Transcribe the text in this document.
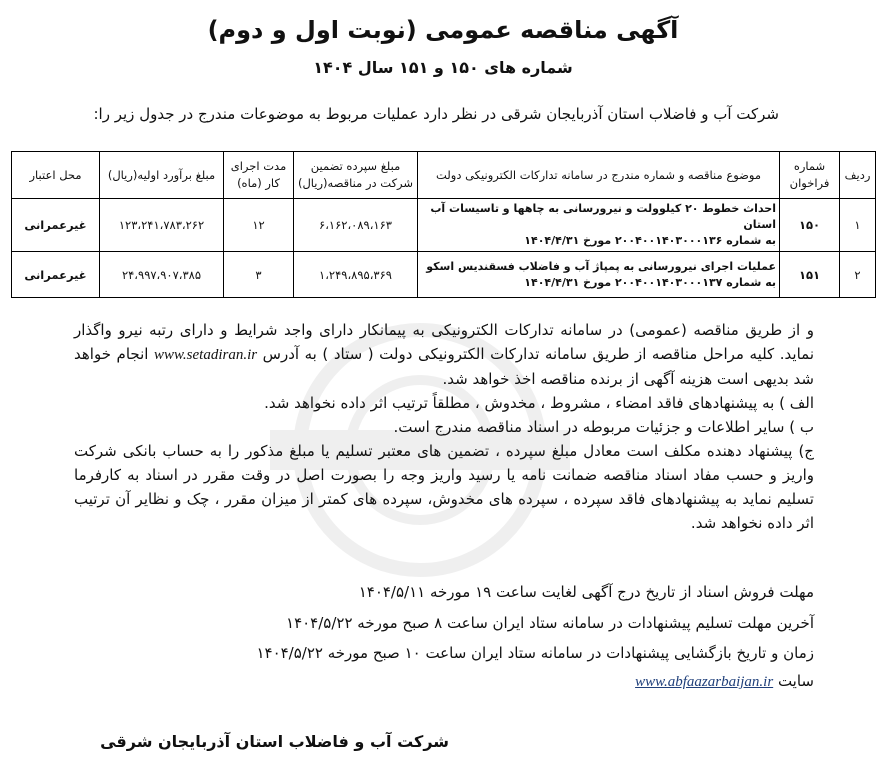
آگهی مناقصه عمومی (نوبت اول و دوم)
شماره های ۱۵۰ و ۱۵۱ سال ۱۴۰۴
شرکت آب و فاضلاب استان آذربایجان شرقی در نظر دارد عملیات مربوط به موضوعات مندرج در جدول زیر را:
ردیف	شماره فراخوان	موضوع مناقصه و شماره مندرج در سامانه تدارکات الکترونیکی دولت	مبلغ سپرده تضمین شرکت در مناقصه(ریال)	مدت اجرای کار (ماه)	مبلغ برآورد اولیه(ریال)	محل اعتبار
۱	۱۵۰	احداث خطوط ۲۰ کیلوولت و نیرورسانی به چاهها و تاسیسات آب استان
به شماره ۲۰۰۴۰۰۱۴۰۳۰۰۰۱۳۶ مورخ ۱۴۰۴/۴/۳۱	۶،۱۶۲،۰۸۹،۱۶۳	۱۲	۱۲۳،۲۴۱،۷۸۳،۲۶۲	غیرعمرانی
۲	۱۵۱	عملیات اجرای نیرورسانی به پمپاژ آب و فاضلاب فسقندیس اسکو
به شماره ۲۰۰۴۰۰۱۴۰۳۰۰۰۱۳۷ مورخ ۱۴۰۴/۴/۳۱	۱،۲۴۹،۸۹۵،۳۶۹	۳	۲۴،۹۹۷،۹۰۷،۳۸۵	غیرعمرانی

و از طریق مناقصه (عمومی) در سامانه تدارکات الکترونیکی به پیمانکار دارای واجد شرایط و دارای رتبه نیرو واگذار نماید. کلیه مراحل مناقصه از طریق سامانه تدارکات الکترونیکی دولت ( ستاد ) به آدرس www.setadiran.ir انجام خواهد شد بدیهی است هزینه آگهی از برنده مناقصه اخذ خواهد شد.

الف ) به پیشنهادهای فاقد امضاء ، مشروط ، مخدوش ، مطلقاً ترتیب اثر داده نخواهد شد.

ب ) سایر اطلاعات و جزئیات مربوطه در اسناد مناقصه مندرج است.

ج) پیشنهاد دهنده مکلف است معادل مبلغ سپرده ، تضمین های معتبر تسلیم یا مبلغ مذکور را به حساب بانکی شرکت واریز و حسب مفاد اسناد مناقصه ضمانت نامه یا رسید واریز وجه را بصورت اصل در وقت مقرر در اسناد به کارفرما تسلیم نماید به پیشنهادهای فاقد سپرده ، سپرده های مخدوش، سپرده های کمتر از میزان مقرر ، چک و نظایر آن ترتیب اثر داده نخواهد شد.

مهلت فروش اسناد از تاریخ درج آگهی لغایت ساعت ۱۹ مورخه ۱۴۰۴/۵/۱۱
آخرین مهلت تسلیم پیشنهادات در سامانه ستاد ایران ساعت ۸ صبح مورخه ۱۴۰۴/۵/۲۲
زمان و تاریخ بازگشایی پیشنهادات در سامانه ستاد ایران ساعت ۱۰ صبح مورخه ۱۴۰۴/۵/۲۲
سایت www.abfaazarbaijan.ir
شرکت آب و فاضلاب استان آذربایجان شرقی
